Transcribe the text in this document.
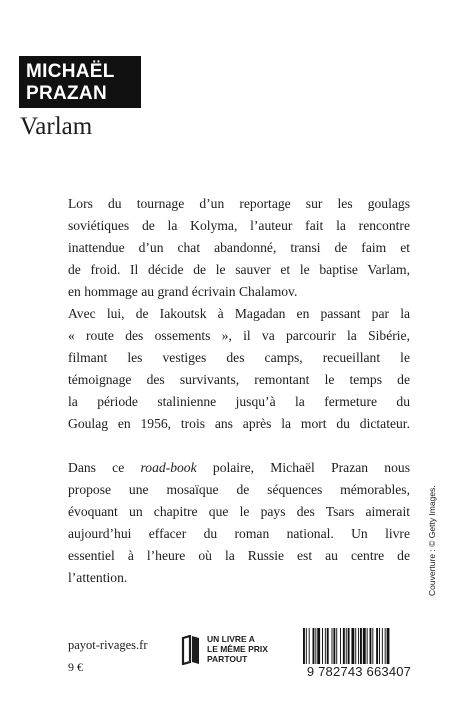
MICHAËL
PRAZAN
Varlam
Lors du tournage d’un reportage sur les goulags
soviétiques de la Kolyma, l’auteur fait la rencontre
inattendue d’un chat abandonné, transi de faim et
de froid. Il décide de le sauver et le baptise Varlam,
en hommage au grand écrivain Chalamov.
Avec lui, de Iakoutsk à Magadan en passant par la
« route des ossements », il va parcourir la Sibérie,
filmant les vestiges des camps, recueillant le
témoignage des survivants, remontant le temps de
la période stalinienne jusqu’à la fermeture du
Goulag en 1956, trois ans après la mort du dictateur.
Dans ce road-book polaire, Michaël Prazan nous
propose une mosaïque de séquences mémorables,
évoquant un chapitre que le pays des Tsars aimerait
aujourd’hui effacer du roman national. Un livre
essentiel à l’heure où la Russie est au centre de
l’attention.	Couverture : © Getty Images.
payot-rivages.fr
9 €
UN LIVRE A
LE MÊME PRIX
PARTOUT
9 782743 663407
